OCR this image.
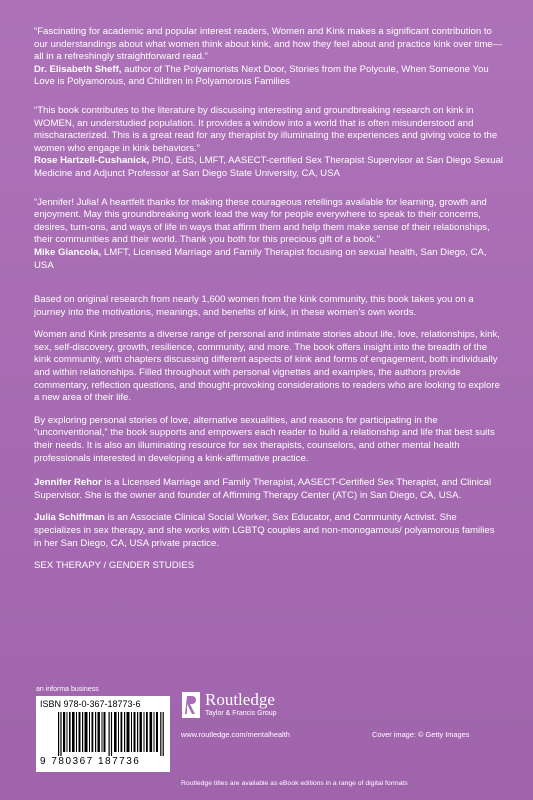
“Fascinating for academic and popular interest readers, Women and Kink makes a significant contribution to our understandings about what women think about kink, and how they feel about and practice kink over time—all in a refreshingly straightforward read.”

Dr. Elisabeth Sheff, author of The Polyamorists Next Door, Stories from the Polycule, When Someone You Love is Polyamorous, and Children in Polyamorous Families

“This book contributes to the literature by discussing interesting and groundbreaking research on kink in WOMEN, an understudied population. It provides a window into a world that is often misunderstood and mischaracterized. This is a great read for any therapist by illuminating the experiences and giving voice to the women who engage in kink behaviors.”

Rose Hartzell-Cushanick, PhD, EdS, LMFT, AASECT-certified Sex Therapist Supervisor at San Diego Sexual Medicine and Adjunct Professor at San Diego State University, CA, USA

“Jennifer! Julia! A heartfelt thanks for making these courageous retellings available for learning, growth and enjoyment. May this groundbreaking work lead the way for people everywhere to speak to their concerns, desires, turn-ons, and ways of life in ways that affirm them and help them make sense of their relationships, their communities and their world. Thank you both for this precious gift of a book.”

Mike Giancola, LMFT, Licensed Marriage and Family Therapist focusing on sexual health, San Diego, CA, USA

Based on original research from nearly 1,600 women from the kink community, this book takes you on a journey into the motivations, meanings, and benefits of kink, in these women’s own words.

Women and Kink presents a diverse range of personal and intimate stories about life, love, relationships, kink, sex, self-discovery, growth, resilience, community, and more. The book offers insight into the breadth of the kink community, with chapters discussing different aspects of kink and forms of engagement, both individually and within relationships. Filled throughout with personal vignettes and examples, the authors provide commentary, reflection questions, and thought-provoking considerations to readers who are looking to explore a new area of their life.

By exploring personal stories of love, alternative sexualities, and reasons for participating in the “unconventional,” the book supports and empowers each reader to build a relationship and life that best suits their needs. It is also an illuminating resource for sex therapists, counselors, and other mental health professionals interested in developing a kink-affirmative practice.

Jennifer Rehor is a Licensed Marriage and Family Therapist, AASECT-Certified Sex Therapist, and Clinical Supervisor. She is the owner and founder of Affirming Therapy Center (ATC) in San Diego, CA, USA.

Julia Schiffman is an Associate Clinical Social Worker, Sex Educator, and Community Activist. She specializes in sex therapy, and she works with LGBTQ couples and non-monogamous/ polyamorous families in her San Diego, CA, USA private practice.

SEX THERAPY / GENDER STUDIES

an informa business
ISBN 978-0-367-18773-6
9 780367 187736
Routledge
Taylor & Francis Group
www.routledge.com/mentalhealth	Cover image: © Getty Images
Routledge titles are available as eBook editions in a range of digital formats
